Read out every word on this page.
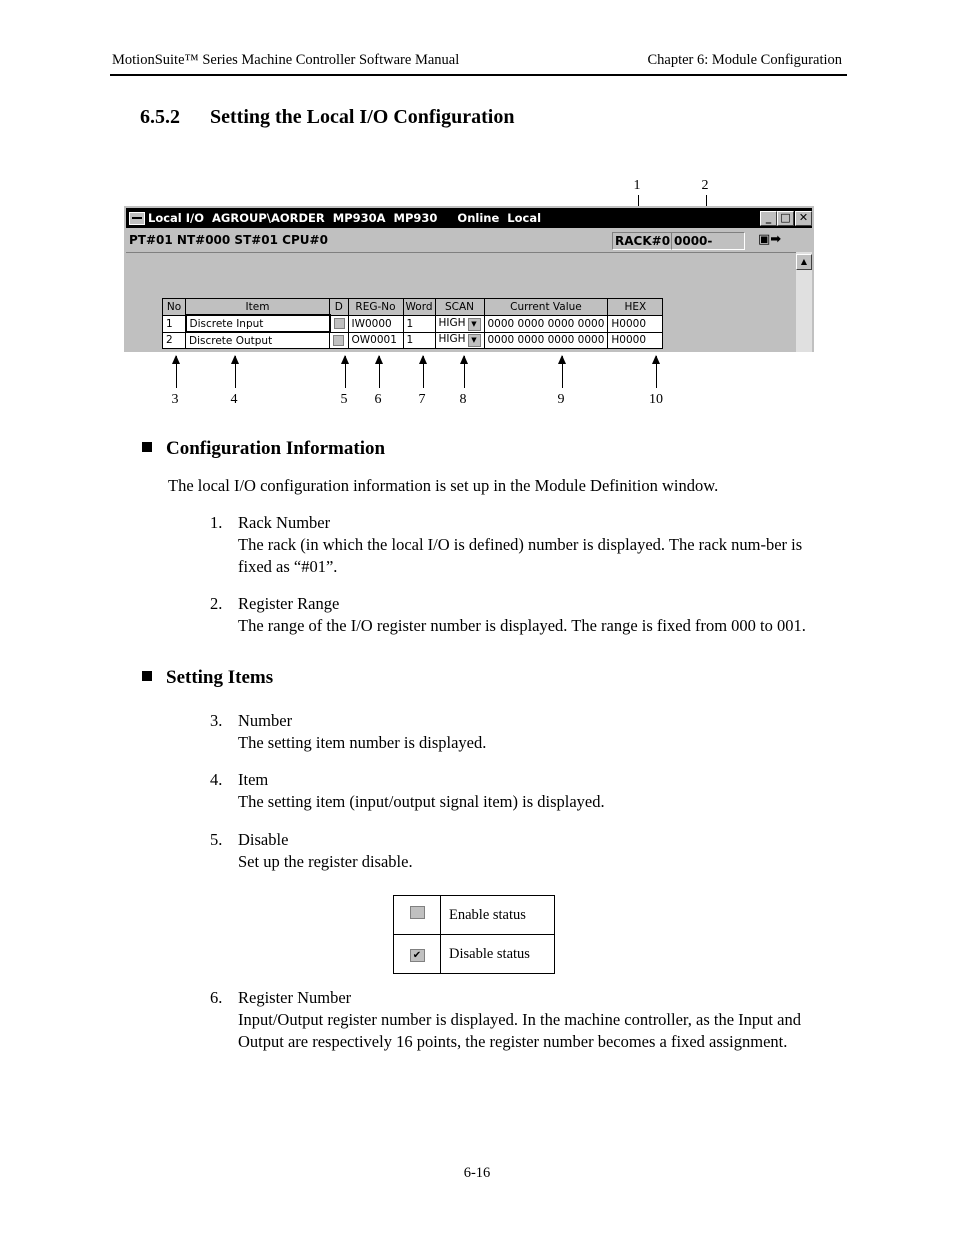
MotionSuite™ Series Machine Controller Software Manual	Chapter 6: Module Configuration
6.5.2 Setting the Local I/O Configuration
1	2
Local I/O  AGROUP\AORDER  MP930A  MP930     Online  Local	_ □ ✕
PT#01 NT#000 ST#01 CPU#0	RACK#0 0000-	▣➡
▲
No	Item	D	REG-No	Word	SCAN	Current Value	HEX
1	Discrete Input		IW0000	1	HIGH ▼	0000 0000 0000 0000	H0000
2	Discrete Output		OW0001	1	HIGH ▼	0000 0000 0000 0000	H0000
3	4	5	6	7	8	9	10
Configuration Information
The local I/O configuration information is set up in the Module Definition window.
1. Rack Number
The rack (in which the local I/O is defined) number is displayed. The rack num-ber is fixed as “#01”.
2. Register Range
The range of the I/O register number is displayed. The range is fixed from 000 to 001.
Setting Items
3. Number
The setting item number is displayed.
4. Item
The setting item (input/output signal item) is displayed.
5. Disable
Set up the register disable.
	Enable status
✔	Disable status
6. Register Number
Input/Output register number is displayed. In the machine controller, as the Input and Output are respectively 16 points, the register number becomes a fixed assignment.
6-16
